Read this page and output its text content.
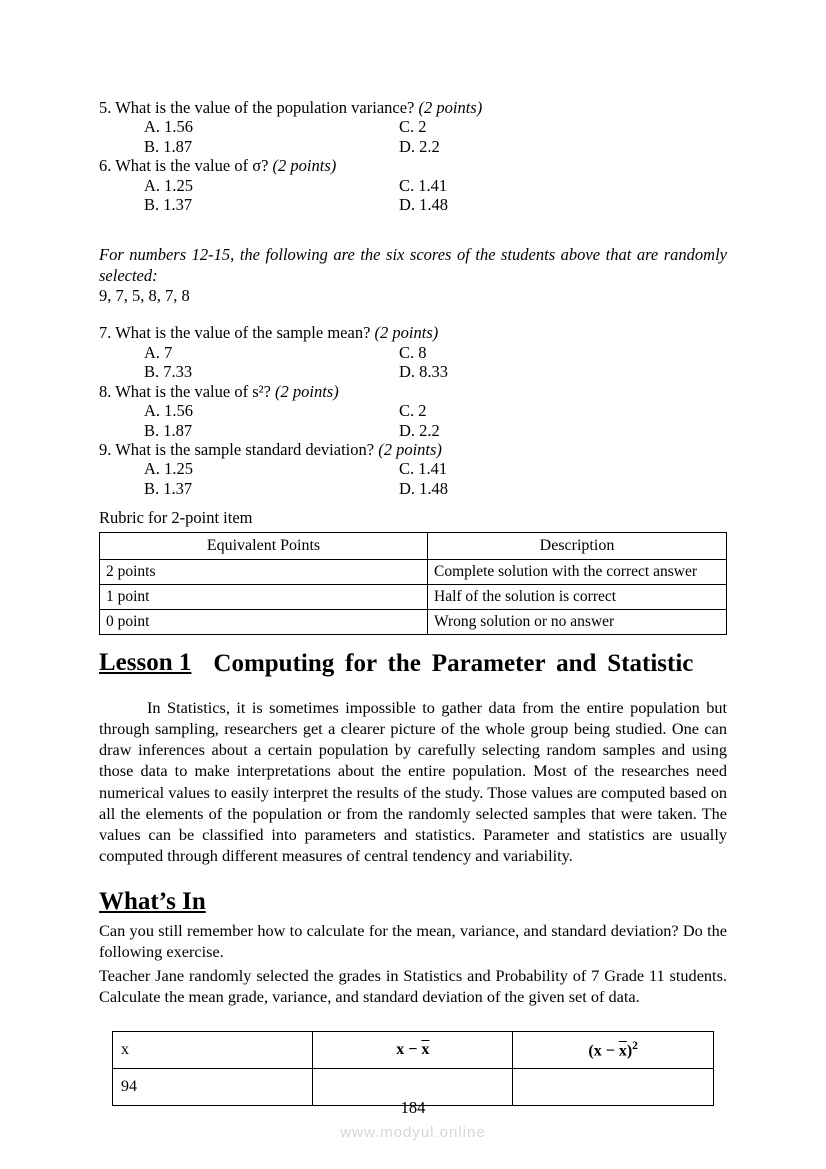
5. What is the value of the population variance? (2 points)
A. 1.56	C. 2
B. 1.87	D. 2.2
6. What is the value of σ? (2 points)
A. 1.25	C. 1.41
B. 1.37	D. 1.48
For numbers 12-15, the following are the six scores of the students above that are randomly selected:
9, 7, 5, 8, 7, 8
7. What is the value of the sample mean? (2 points)
A. 7	C. 8
B. 7.33	D. 8.33
8. What is the value of s²? (2 points)
A. 1.56	C. 2
B. 1.87	D. 2.2
9. What is the sample standard deviation? (2 points)
A. 1.25	C. 1.41
B. 1.37	D. 1.48
Rubric for 2-point item
Equivalent Points	Description
2 points	Complete solution with the correct answer
1 point	Half of the solution is correct
0 point	Wrong solution or no answer
Lesson 1 Computing for the Parameter and Statistic
In Statistics, it is sometimes impossible to gather data from the entire population but through sampling, researchers get a clearer picture of the whole group being studied. One can draw inferences about a certain population by carefully selecting random samples and using those data to make interpretations about the entire population. Most of the researches need numerical values to easily interpret the results of the study. Those values are computed based on all the elements of the population or from the randomly selected samples that were taken. The values can be classified into parameters and statistics. Parameter and statistics are usually computed through different measures of central tendency and variability.
What’s In
Can you still remember how to calculate for the mean, variance, and standard deviation? Do the following exercise.
Teacher Jane randomly selected the grades in Statistics and Probability of 7 Grade 11 students. Calculate the mean grade, variance, and standard deviation of the given set of data.
x	$x - \overline{x}$	$(x - \overline{x})^2$
94		
184
www.modyul.online
